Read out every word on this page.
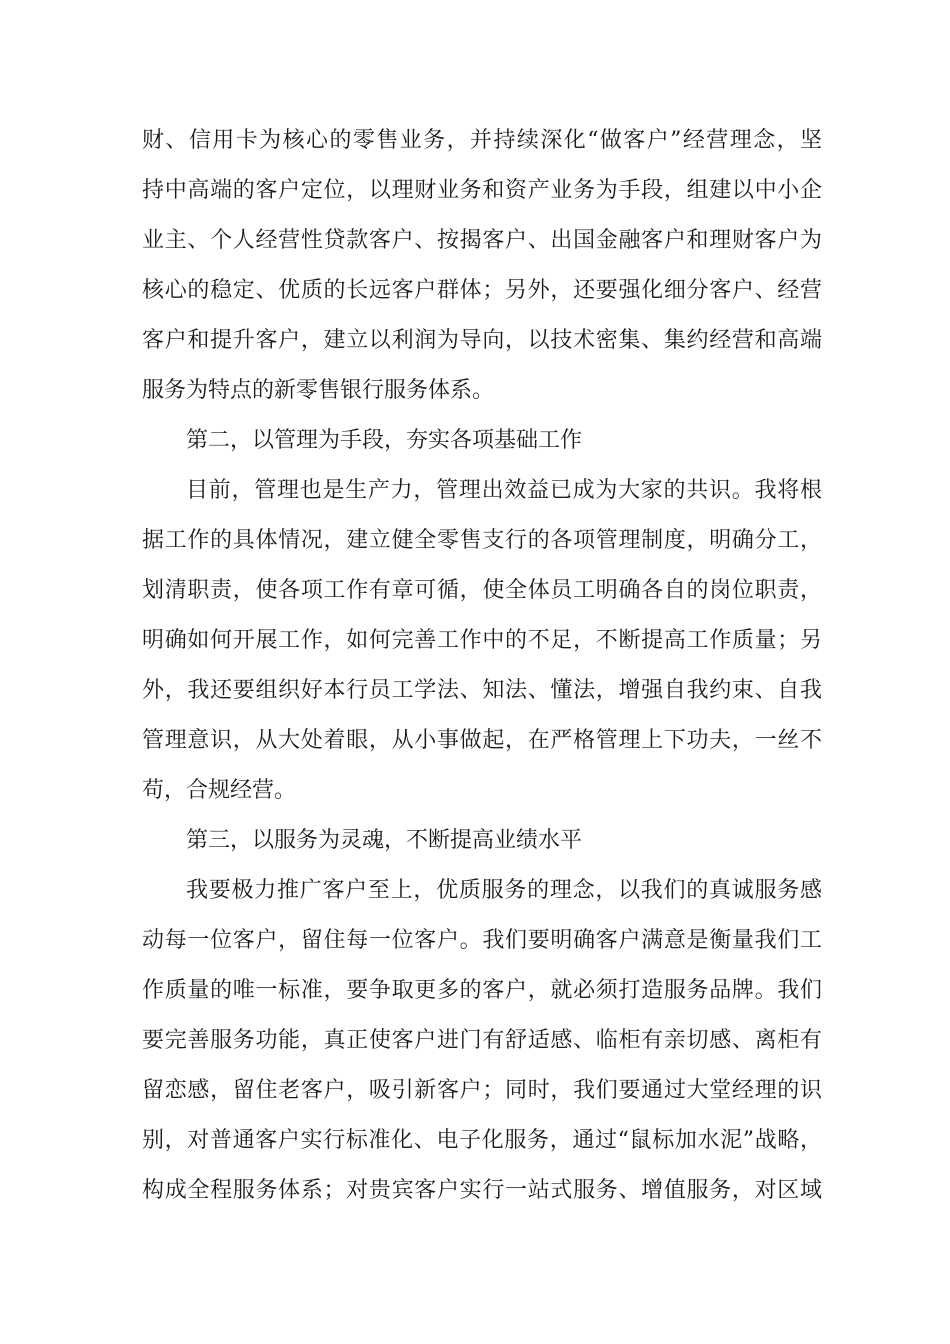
财、信用卡为核心的零售业务，并持续深化“做客户”经营理念，坚
持中高端的客户定位，以理财业务和资产业务为手段，组建以中小企
业主、个人经营性贷款客户、按揭客户、出国金融客户和理财客户为
核心的稳定、优质的长远客户群体；另外，还要强化细分客户、经营
客户和提升客户，建立以利润为导向，以技术密集、集约经营和高端
服务为特点的新零售银行服务体系。
第二，以管理为手段，夯实各项基础工作
目前，管理也是生产力，管理出效益已成为大家的共识。我将根
据工作的具体情况，建立健全零售支行的各项管理制度，明确分工，
划清职责，使各项工作有章可循，使全体员工明确各自的岗位职责，
明确如何开展工作，如何完善工作中的不足，不断提高工作质量；另
外，我还要组织好本行员工学法、知法、懂法，增强自我约束、自我
管理意识，从大处着眼，从小事做起，在严格管理上下功夫，一丝不
苟，合规经营。
第三，以服务为灵魂，不断提高业绩水平
我要极力推广客户至上，优质服务的理念，以我们的真诚服务感
动每一位客户，留住每一位客户。我们要明确客户满意是衡量我们工
作质量的唯一标准，要争取更多的客户，就必须打造服务品牌。我们
要完善服务功能，真正使客户进门有舒适感、临柜有亲切感、离柜有
留恋感，留住老客户，吸引新客户；同时，我们要通过大堂经理的识
别，对普通客户实行标准化、电子化服务，通过“鼠标加水泥”战略，
构成全程服务体系；对贵宾客户实行一站式服务、增值服务，对区域
